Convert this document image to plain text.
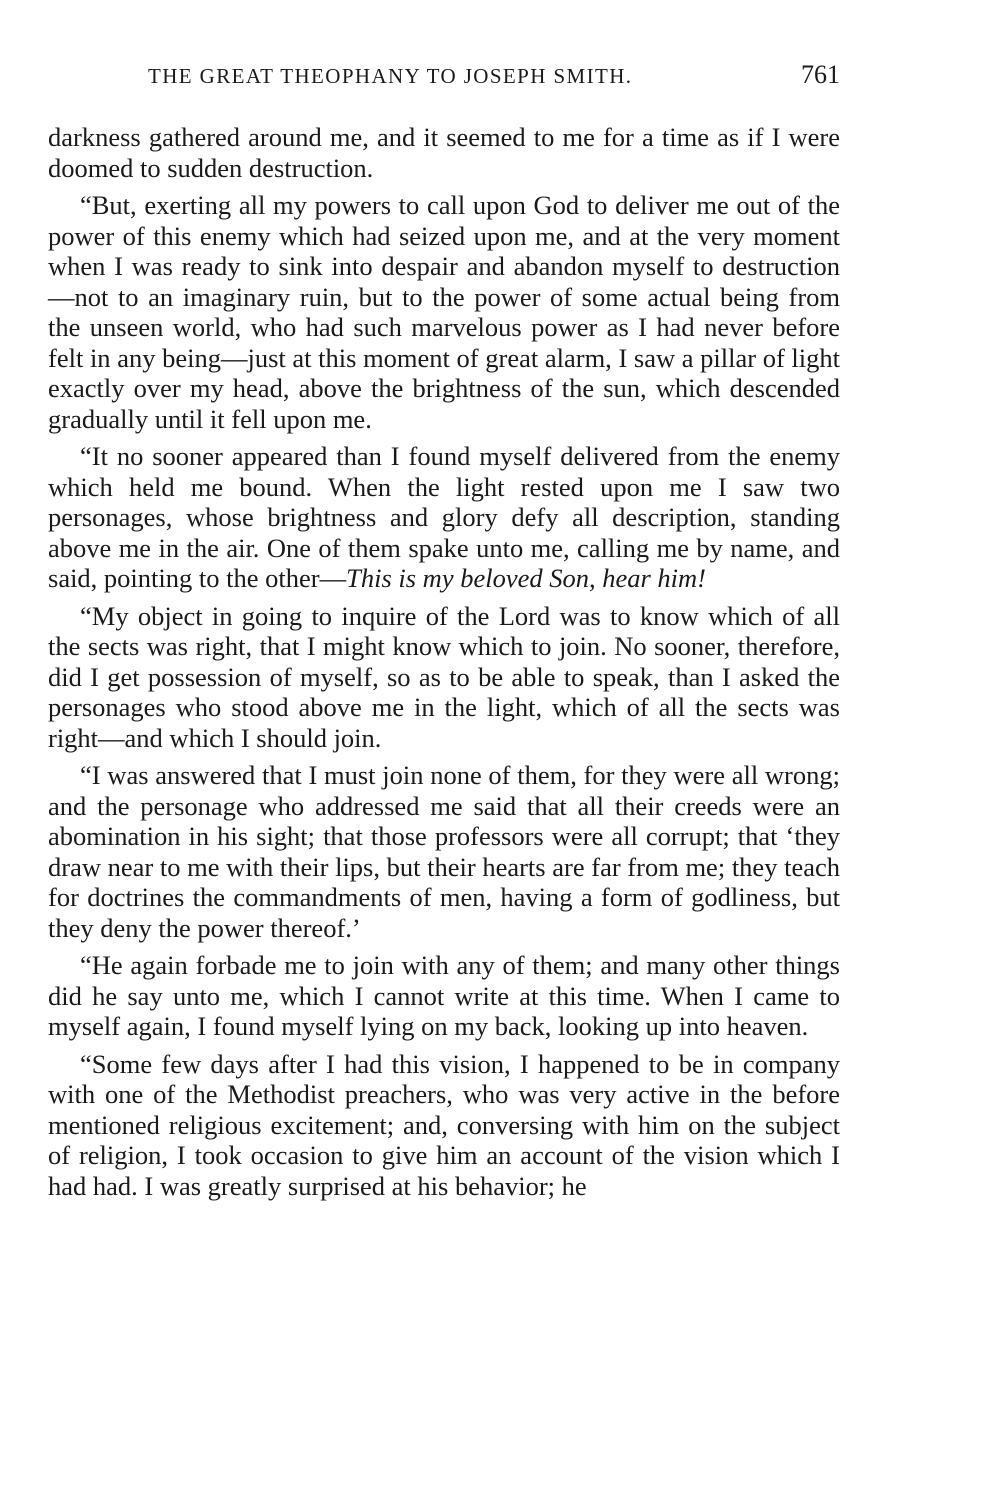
THE GREAT THEOPHANY TO JOSEPH SMITH.	761

darkness gathered around me, and it seemed to me for a time as if I were doomed to sudden destruction.

“But, exerting all my powers to call upon God to deliver me out of the power of this enemy which had seized upon me, and at the very moment when I was ready to sink into despair and abandon myself to destruction—not to an imaginary ruin, but to the power of some actual being from the unseen world, who had such marvelous power as I had never before felt in any being—just at this moment of great alarm, I saw a pillar of light exactly over my head, above the brightness of the sun, which descended gradually until it fell upon me.

“It no sooner appeared than I found myself delivered from the enemy which held me bound. When the light rested upon me I saw two personages, whose brightness and glory defy all description, standing above me in the air. One of them spake unto me, calling me by name, and said, pointing to the other—This is my beloved Son, hear him!

“My object in going to inquire of the Lord was to know which of all the sects was right, that I might know which to join. No sooner, therefore, did I get possession of myself, so as to be able to speak, than I asked the personages who stood above me in the light, which of all the sects was right—and which I should join.

“I was answered that I must join none of them, for they were all wrong; and the personage who addressed me said that all their creeds were an abomination in his sight; that those professors were all corrupt; that ‘they draw near to me with their lips, but their hearts are far from me; they teach for doctrines the commandments of men, having a form of godliness, but they deny the power thereof.’

“He again forbade me to join with any of them; and many other things did he say unto me, which I cannot write at this time. When I came to myself again, I found myself lying on my back, looking up into heaven.

“Some few days after I had this vision, I happened to be in company with one of the Methodist preachers, who was very active in the before mentioned religious excitement; and, conversing with him on the subject of religion, I took occasion to give him an account of the vision which I had had. I was greatly surprised at his behavior; he
